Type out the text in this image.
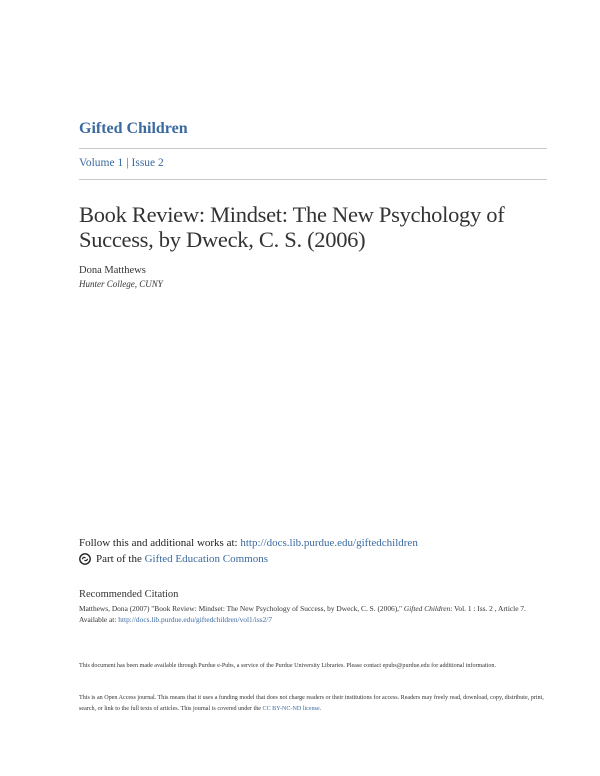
Gifted Children
Volume 1 | Issue 2
Book Review: Mindset: The New Psychology of Success, by Dweck, C. S. (2006)
Dona Matthews
Hunter College, CUNY
Follow this and additional works at: http://docs.lib.purdue.edu/giftedchildren
Part of the
Gifted Education Commons
Recommended Citation
Matthews, Dona (2007) "Book Review: Mindset: The New Psychology of Success, by Dweck, C. S. (2006)," Gifted Children: Vol. 1 : Iss. 2 , Article 7.
Available at: http://docs.lib.purdue.edu/giftedchildren/vol1/iss2/7
This document has been made available through Purdue e-Pubs, a service of the Purdue University Libraries. Please contact epubs@purdue.edu for additional information.
This is an Open Access journal. This means that it uses a funding model that does not charge readers or their institutions for access. Readers may freely read, download, copy, distribute, print, search, or link to the full texts of articles. This journal is covered under the CC BY-NC-ND license.
